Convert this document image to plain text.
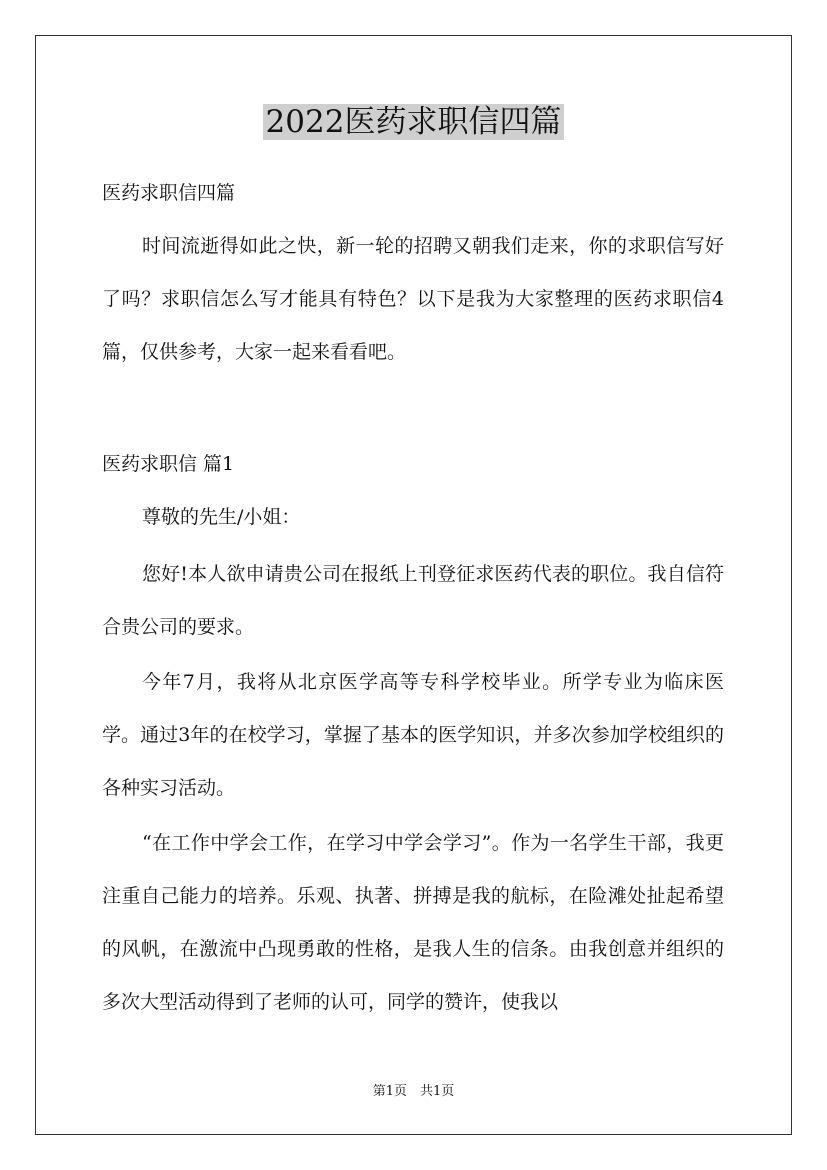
2022医药求职信四篇

医药求职信四篇

时间流逝得如此之快，新一轮的招聘又朝我们走来，你的求职信写好了吗？求职信怎么写才能具有特色？以下是我为大家整理的医药求职信4篇，仅供参考，大家一起来看看吧。

医药求职信 篇1

尊敬的先生/小姐：

您好!本人欲申请贵公司在报纸上刊登征求医药代表的职位。我自信符合贵公司的要求。

今年7月，我将从北京医学高等专科学校毕业。所学专业为临床医学。通过3年的在校学习，掌握了基本的医学知识，并多次参加学校组织的各种实习活动。

“在工作中学会工作，在学习中学会学习”。作为一名学生干部，我更注重自己能力的培养。乐观、执著、拼搏是我的航标，在险滩处扯起希望的风帆，在激流中凸现勇敢的性格，是我人生的信条。由我创意并组织的多次大型活动得到了老师的认可，同学的赞许，使我以

第1页　共1页
